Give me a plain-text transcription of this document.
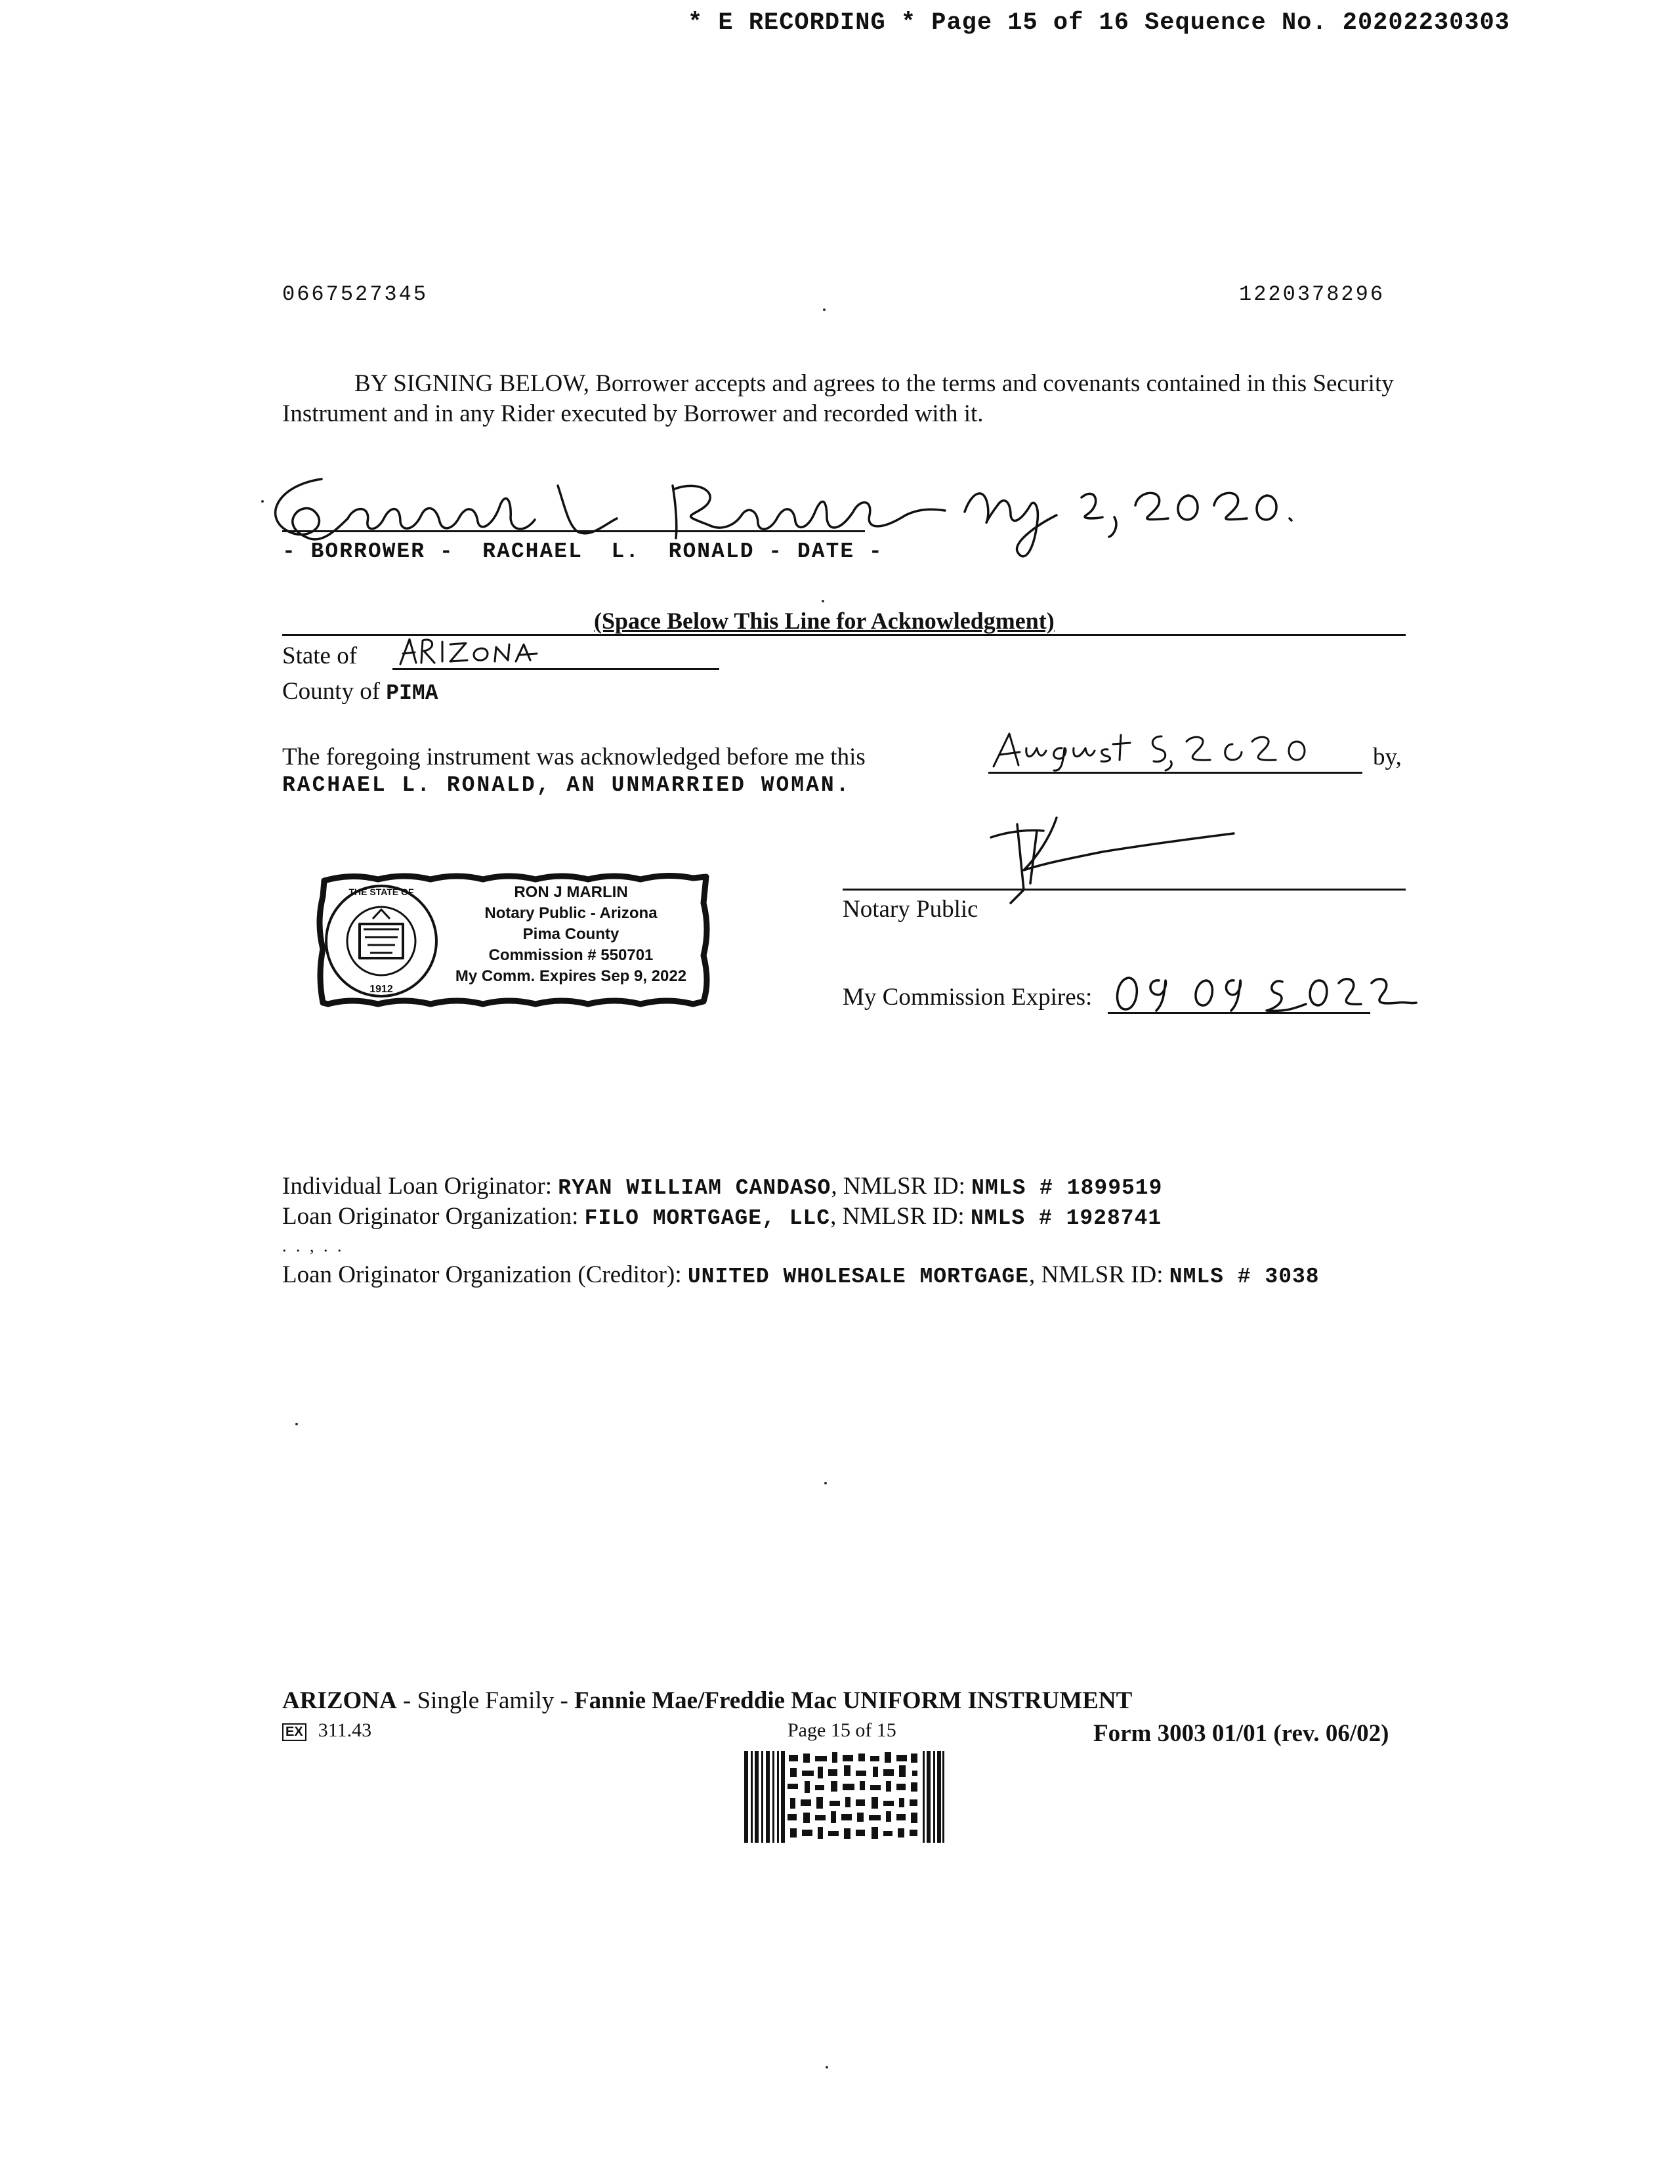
* E RECORDING * Page 15 of 16 Sequence No. 20202230303
0667527345	1220378296
BY SIGNING BELOW, Borrower accepts and agrees to the terms and covenants contained in this Security Instrument and in any Rider executed by Borrower and recorded with it.
- BORROWER -  RACHAEL  L.  RONALD - DATE -
(Space Below This Line for Acknowledgment)
State of
County of PIMA
The foregoing instrument was acknowledged before me this	by,
RACHAEL L. RONALD, AN UNMARRIED WOMAN.
THE STATE OF
1912
RON J MARLIN
Notary Public - Arizona
Pima County
Commission # 550701
My Comm. Expires Sep 9, 2022
Notary Public
My Commission Expires:
Individual Loan Originator: RYAN WILLIAM CANDASO, NMLSR ID: NMLS # 1899519
Loan Originator Organization: FILO MORTGAGE, LLC, NMLSR ID: NMLS # 1928741
. . , . .
Loan Originator Organization (Creditor): UNITED WHOLESALE MORTGAGE, NMLSR ID: NMLS # 3038
ARIZONA - Single Family - Fannie Mae/Freddie Mac UNIFORM INSTRUMENT
EX 311.43	Page 15 of 15	Form 3003 01/01 (rev. 06/02)
